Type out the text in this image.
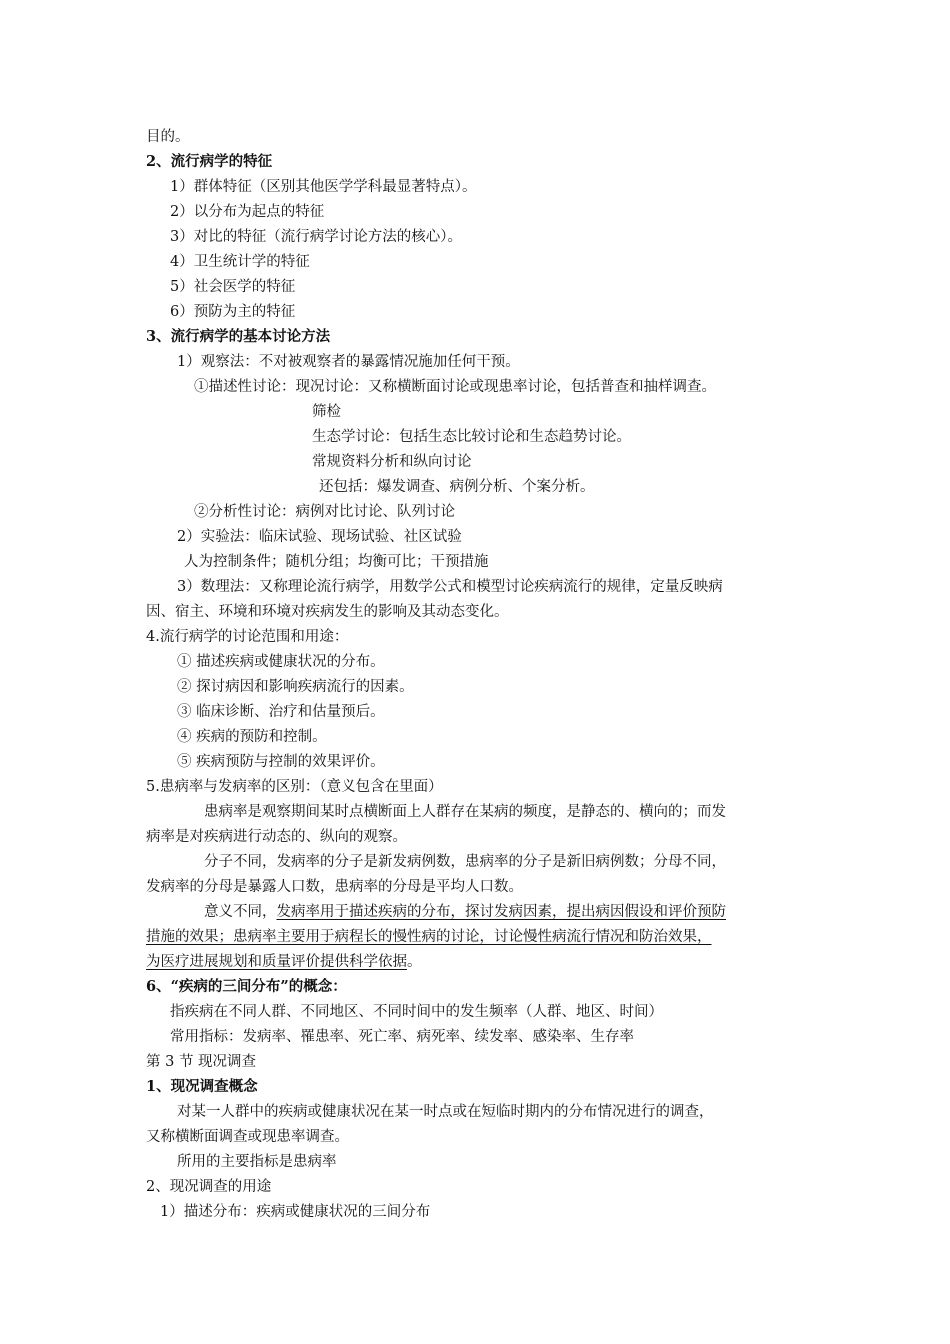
目的。
2、流行病学的特征
1）群体特征（区别其他医学学科最显著特点）。
2）以分布为起点的特征
3）对比的特征（流行病学讨论方法的核心）。
4）卫生统计学的特征
5）社会医学的特征
6）预防为主的特征
3、流行病学的基本讨论方法
1）观察法：不对被观察者的暴露情况施加任何干预。
①描述性讨论：现况讨论：又称横断面讨论或现患率讨论，包括普查和抽样调查。
筛检
生态学讨论：包括生态比较讨论和生态趋势讨论。
常规资料分析和纵向讨论
还包括：爆发调查、病例分析、个案分析。
②分析性讨论：病例对比讨论、队列讨论
2）实验法：临床试验、现场试验、社区试验
人为控制条件；随机分组；均衡可比；干预措施
3）数理法：又称理论流行病学，用数学公式和模型讨论疾病流行的规律，定量反映病
因、宿主、环境和环境对疾病发生的影响及其动态变化。
4.流行病学的讨论范围和用途：
① 描述疾病或健康状况的分布。
② 探讨病因和影响疾病流行的因素。
③ 临床诊断、治疗和估量预后。
④ 疾病的预防和控制。
⑤ 疾病预防与控制的效果评价。
5.患病率与发病率的区别：（意义包含在里面）
患病率是观察期间某时点横断面上人群存在某病的频度，是静态的、横向的；而发
病率是对疾病进行动态的、纵向的观察。
分子不同，发病率的分子是新发病例数，患病率的分子是新旧病例数；分母不同，
发病率的分母是暴露人口数，患病率的分母是平均人口数。
意义不同，发病率用于描述疾病的分布，探讨发病因素，提出病因假设和评价预防
措施的效果；患病率主要用于病程长的慢性病的讨论，讨论慢性病流行情况和防治效果，
为医疗进展规划和质量评价提供科学依据。
6、“疾病的三间分布”的概念：
指疾病在不同人群、不同地区、不同时间中的发生频率（人群、地区、时间）
常用指标：发病率、罹患率、死亡率、病死率、续发率、感染率、生存率
第 3 节 现况调查
1、现况调查概念
对某一人群中的疾病或健康状况在某一时点或在短临时期内的分布情况进行的调查，
又称横断面调查或现患率调查。
所用的主要指标是患病率
2、现况调查的用途
1）描述分布：疾病或健康状况的三间分布
